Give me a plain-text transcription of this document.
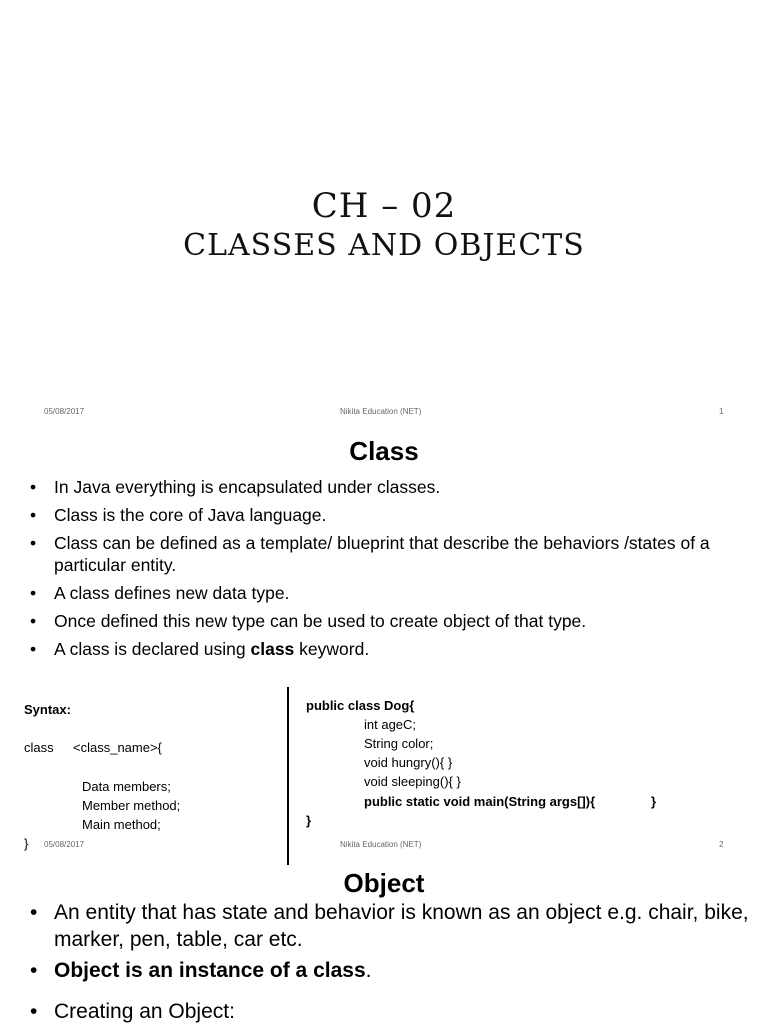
CH – 02
CLASSES AND OBJECTS
05/08/2017	Nikita Education (NET)	1
Class
• In Java everything is encapsulated under classes.
• Class is the core of Java language.
• Class can be defined as a template/ blueprint that describe the behaviors /states of a particular entity.
• A class defines new data type.
• Once defined this new type can be used to create object of that type.
• A class is declared using class keyword.
Syntax:
class <class_name>{
Data members;
Member method;
Main method;
}
public class Dog{
int ageC;
String color;
void hungry(){ }
void sleeping(){ }
public static void main(String args[]){	}
}
05/08/2017	Nikita Education (NET)	2
Object
• An entity that has state and behavior is known as an object e.g. chair, bike, marker, pen, table, car etc.
• Object is an instance of a class.
• Creating an Object:
